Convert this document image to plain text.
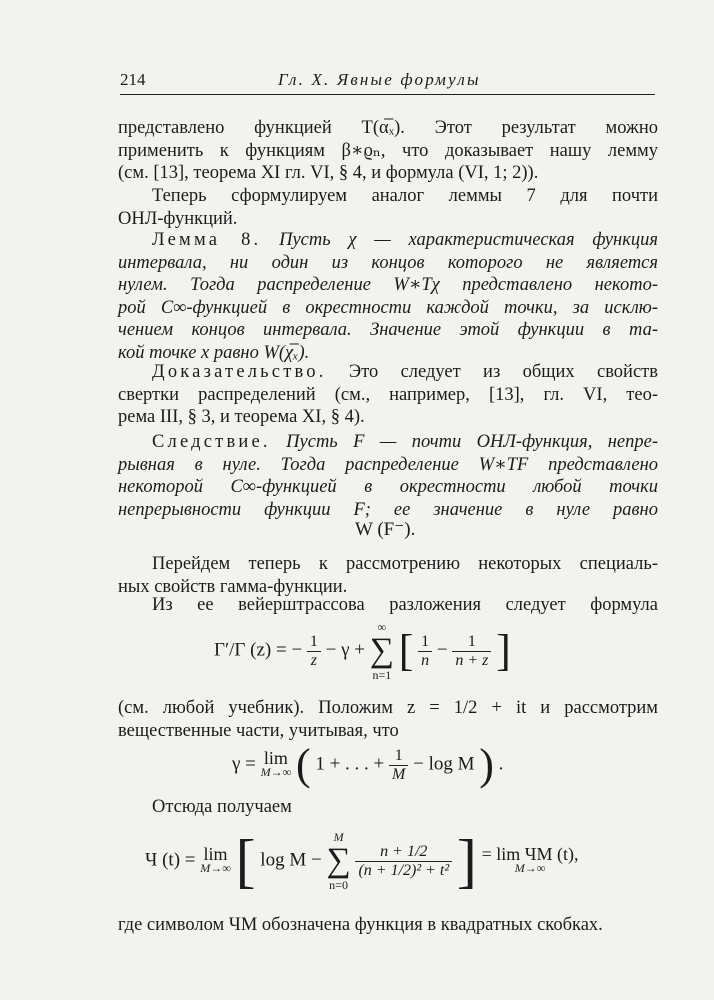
214	Гл. X. Явные формулы
представлено функцией T(α̅ₓ). Этот результат можно
применить к функциям β∗ϱₙ, что доказывает нашу лемму
(см. [13], теорема XI гл. VI, § 4, и формула (VI, 1; 2)).
Теперь сформулируем аналог леммы 7 для почти
ОНЛ-функций.
Лемма 8. Пусть χ — характеристическая функция
интервала, ни один из концов которого не является
нулем. Тогда распределение W∗Tχ представлено некото-
рой C∞-функцией в окрестности каждой точки, за исклю-
чением концов интервала. Значение этой функции в та-
кой точке x равно W(χ̅ₓ).
Доказательство. Это следует из общих свойств
свертки распределений (см., например, [13], гл. VI, тео-
рема III, § 3, и теорема XI, § 4).
Следствие. Пусть F — почти ОНЛ-функция, непре-
рывная в нуле. Тогда распределение W∗TF представлено
некоторой C∞-функцией в окрестности любой точки
непрерывности функции F; ее значение в нуле равно
W (F⁻).
Перейдем теперь к рассмотрению некоторых специаль-
ных свойств гамма-функции.
Из ее вейерштрассова разложения следует формула
Γ′/Γ (z) = − $\frac{1}{z} - \gamma$ +
∞
∑
n=1 [ $\frac{1}{n} - \frac{1}{n + z}$ ]
(см. любой учебник). Положим z = 1/2 + it и рассмотрим
вещественные части, учитывая, что
γ = lim
M→∞ ( 1 + . . . + $\frac{1}{M} - \log M$ ) .
Отсюда получаем
Ч (t) = lim
M→∞ [ log M −
M
∑
n=0

$\frac{n + 1/2}{\text{(n + 1/2)² + t²}}$ ] = lim ЧM (t),
M→∞
где символом ЧM обозначена функция в квадратных скобках.
